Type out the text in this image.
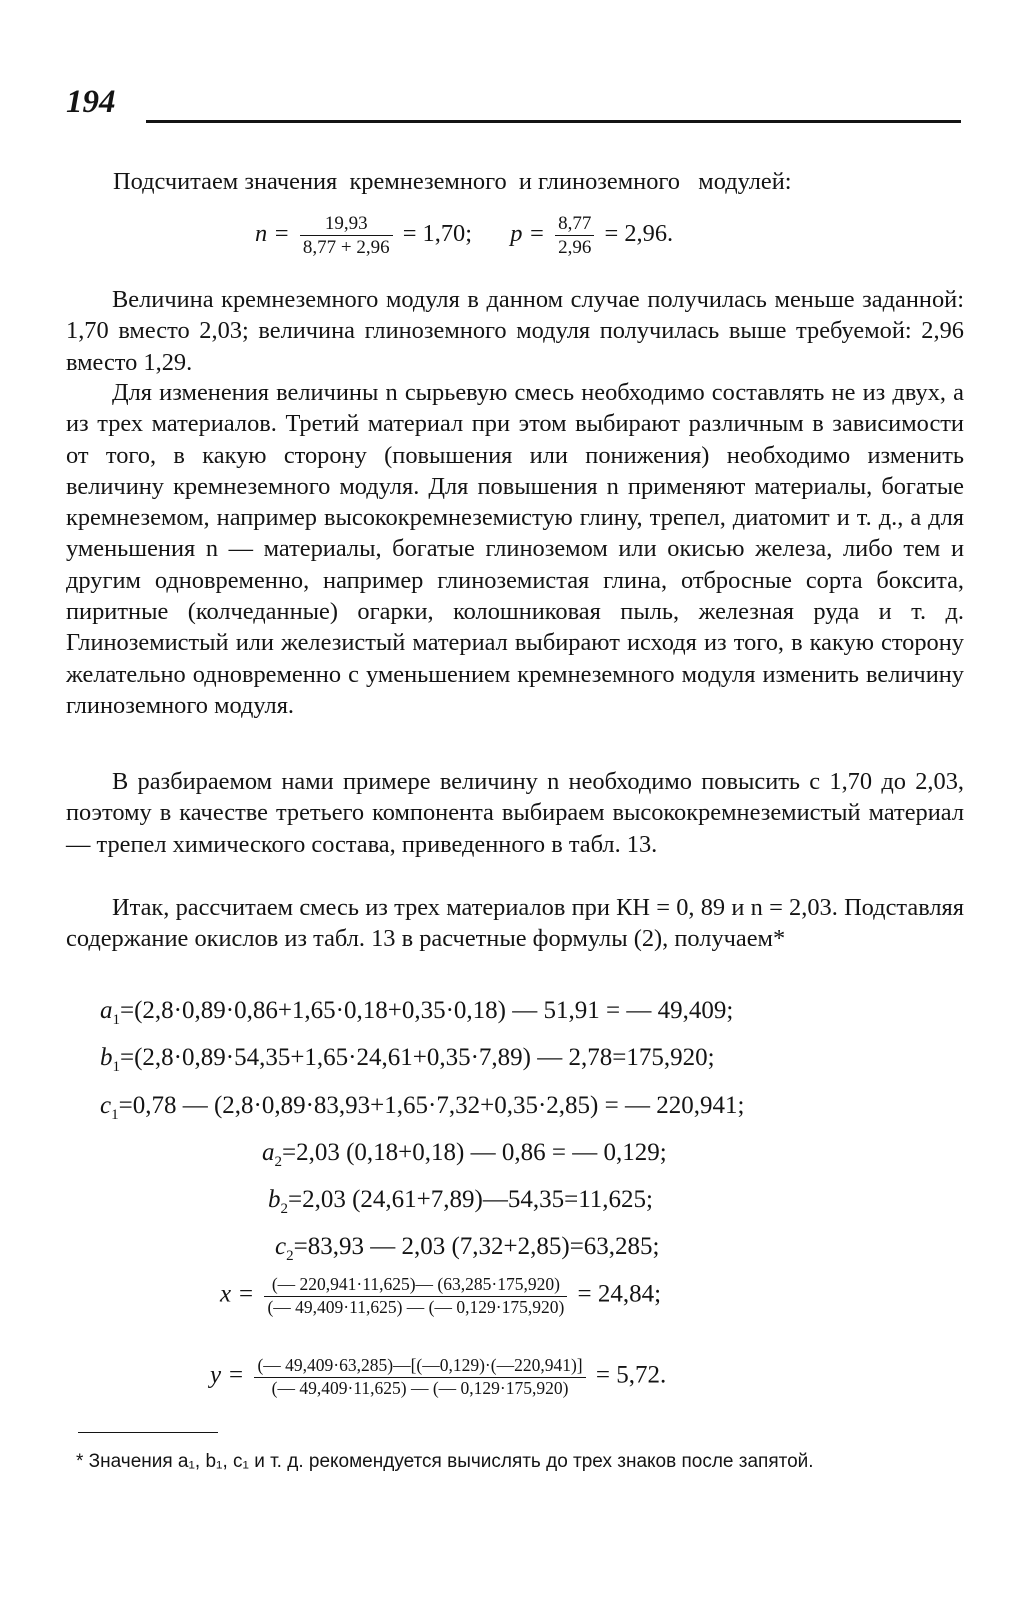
194
Подсчитаем значения  кремнеземного  и глиноземного   модулей:
$n = \frac{19,93}{8,77 + 2,96} = 1,70$; $p = \frac{8,77}{2,96} = 2,96$.

Величина кремнеземного модуля в данном случае получилась меньше заданной: 1,70 вместо 2,03; величина глиноземного модуля получилась выше требуемой: 2,96 вместо 1,29.

Для изменения величины n сырьевую смесь необходимо составлять не из двух, а из трех материалов. Третий материал при этом выбирают различным в зависимости от того, в какую сторону (повышения или понижения) необходимо изменить величину кремнеземного модуля. Для повышения n применяют материалы, богатые кремнеземом, например высококремнеземистую глину, трепел, диатомит и т. д., а для уменьшения n — материалы, богатые глиноземом или окисью железа, либо тем и другим одновременно, например глиноземистая глина, отбросные сорта боксита, пиритные (колчеданные) огарки, колошниковая пыль, железная руда и т. д. Глиноземистый или железистый материал выбирают исходя из того, в какую сторону желательно одновременно с уменьшением кремнеземного модуля изменить величину глиноземного модуля.

В разбираемом нами примере величину n необходимо повысить с 1,70 до 2,03, поэтому в качестве третьего компонента выбираем высококремнеземистый материал — трепел химического состава, приведенного в табл. 13.

Итак, рассчитаем смесь из трех материалов при КН = 0, 89 и n = 2,03. Подставляя содержание окислов из табл. 13 в расчетные формулы (2), получаем*

$a_1=(2,8\cdot 0,89\cdot 0,86+1,65\cdot 0,18+0,35\cdot 0,18)$ — 51,91 = — 49,409;
$b_1=(2,8\cdot 0,89\cdot 54,35+1,65\cdot 24,61+0,35\cdot 7,89)$ — 2,78=175,920;
$c_1=0,78$ — (2,8·0,89·83,93+1,65·7,32+0,35·2,85) = — 220,941;
$a_2=2,03$ (0,18+0,18) — 0,86 = — 0,129;
$b_2=2,03$ (24,61+7,89)—54,35=11,625;
$c_2=83,93$ — 2,03 (7,32+2,85)=63,285;
$x = \frac{(— 220,941\cdot 11,625)— (63,285\cdot 175,920)}{(— 49,409\cdot 11,625) — (— 0,129\cdot 175,920)} = 24,84$;
$y = \frac{(— 49,409\cdot 63,285)—[(—0,129)\cdot(—220,941)]}{(— 49,409\cdot 11,625) — (— 0,129\cdot 175,920)} = 5,72$.

* Значения a₁, b₁, c₁ и т. д. рекомендуется вычислять до трех знаков после запятой.
